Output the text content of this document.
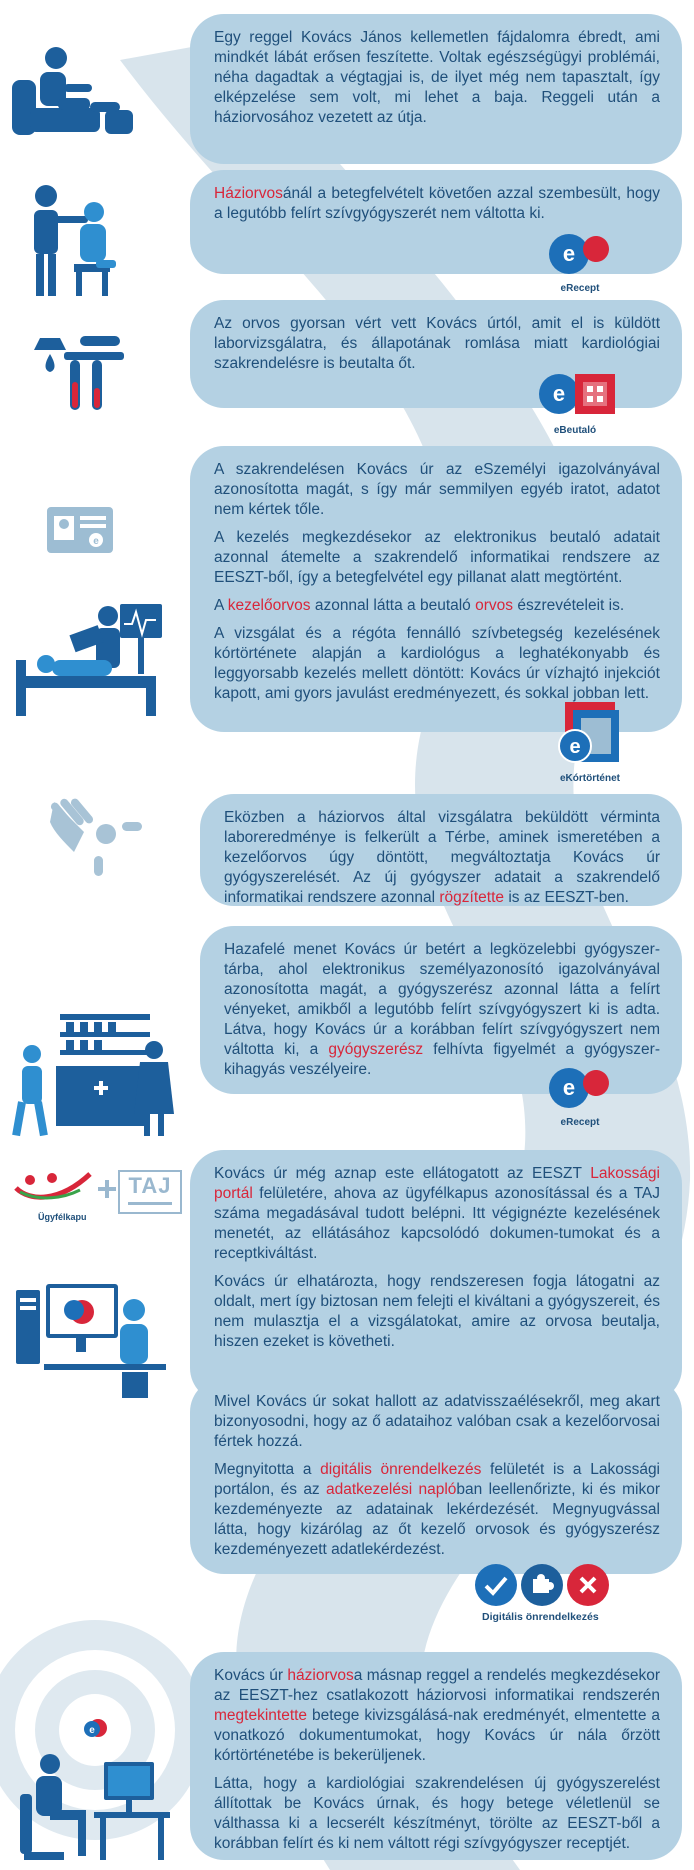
Egy reggel Kovács János kellemetlen fájdalomra ébredt, ami mindkét lábát erősen feszítette. Voltak egészségügyi problémái, néha dagadtak a végtagjai is, de ilyet még nem tapasztalt, így elképzelése sem volt, mi lehet a baja. Reggeli után a háziorvosához vezetett az útja.

Háziorvosánál a betegfelvételt követően azzal szembesült, hogy a legutóbb felírt szívgyógyszerét nem váltotta ki.

e
eRecept

Az orvos gyorsan vért vett Kovács úrtól, amit el is küldött laborvizsgálatra, és állapotának romlása miatt kardiológiai szakrendelésre is beutalta őt.

e
eBeutaló
e

A szakrendelésen Kovács úr az eSzemélyi igazolványával azonosította magát, s így már semmilyen egyéb iratot, adatot nem kértek tőle.

A kezelés megkezdésekor az elektronikus beutaló adatait azonnal átemelte a szakrendelő informatikai rendszere az EESZT-ből, így a betegfelvétel egy pillanat alatt megtörtént.

A kezelőorvos azonnal látta a beutaló orvos észrevételeit is.

A vizsgálat és a régóta fennálló szívbetegség kezelésének kórtörténete alapján a kardiológus a leghatékonyabb és leggyorsabb kezelés mellett döntött: Kovács úr vízhajtó injekciót kapott, ami gyors javulást eredményezett, és sokkal jobban lett.

e
eKórtörténet

Eközben a háziorvos által vizsgálatra beküldött vérminta laboreredménye is felkerült a Térbe, aminek ismeretében a kezelőorvos úgy döntött, megváltoztatja Kovács úr gyógyszerelését. Az új gyógyszer adatait a szakrendelő informatikai rendszere azonnal rögzítette is az EESZT-ben.

Hazafelé menet Kovács úr betért a legközelebbi gyógyszer-tárba, ahol elektronikus személyazonosító igazolványával azonosította magát, a gyógyszerész azonnal látta a felírt vényeket, amikből a legutóbb felírt szívgyógyszert ki is adta. Látva, hogy Kovács úr a korábban felírt szívgyógyszert nem váltotta ki, a gyógyszerész felhívta figyelmét a gyógyszer-kihagyás veszélyeire.

e
eRecept
Ügyfélkapu
TAJ	Kovács úr még aznap este ellátogatott az EESZT Lakossági portál felületére, ahova az ügyfélkapus azonosítással és a TAJ száma megadásával tudott belépni. Itt végignézte kezelésének menetét, az ellátásához kapcsolódó dokumen-tumokat és a receptkiváltást.

Kovács úr elhatározta, hogy rendszeresen fogja látogatni az oldalt, mert így biztosan nem felejti el kiváltani a gyógyszereit, és nem mulasztja el a vizsgálatokat, amire az orvosa beutalja, hiszen ezeket is követheti.

Mivel Kovács úr sokat hallott az adatvisszaélésekről, meg akart bizonyosodni, hogy az ő adataihoz valóban csak a kezelőorvosai fértek hozzá.

Megnyitotta a digitális önrendelkezés felületét is a Lakossági portálon, és az adatkezelési naplóban leellenőrizte, ki és mikor kezdeményezte az adatainak lekérdezését. Megnyugvással látta, hogy kizárólag az őt kezelő orvosok és gyógyszerész kezdeményezett adatlekérdezést.

Digitális önrendelkezés
e

Kovács úr háziorvosa másnap reggel a rendelés megkezdésekor az EESZT-hez csatlakozott háziorvosi informatikai rendszerén megtekintette betege kivizsgálásá-nak eredményét, elmentette a vonatkozó dokumentumokat, hogy Kovács úr nála őrzött kórtörténetébe is bekerüljenek.

Látta, hogy a kardiológiai szakrendelésen új gyógyszerelést állítottak be Kovács úrnak, és hogy betege véletlenül se válthassa ki a lecserélt készítményt, törölte az EESZT-ből a korábban felírt és ki nem váltott régi szívgyógyszer receptjét.
